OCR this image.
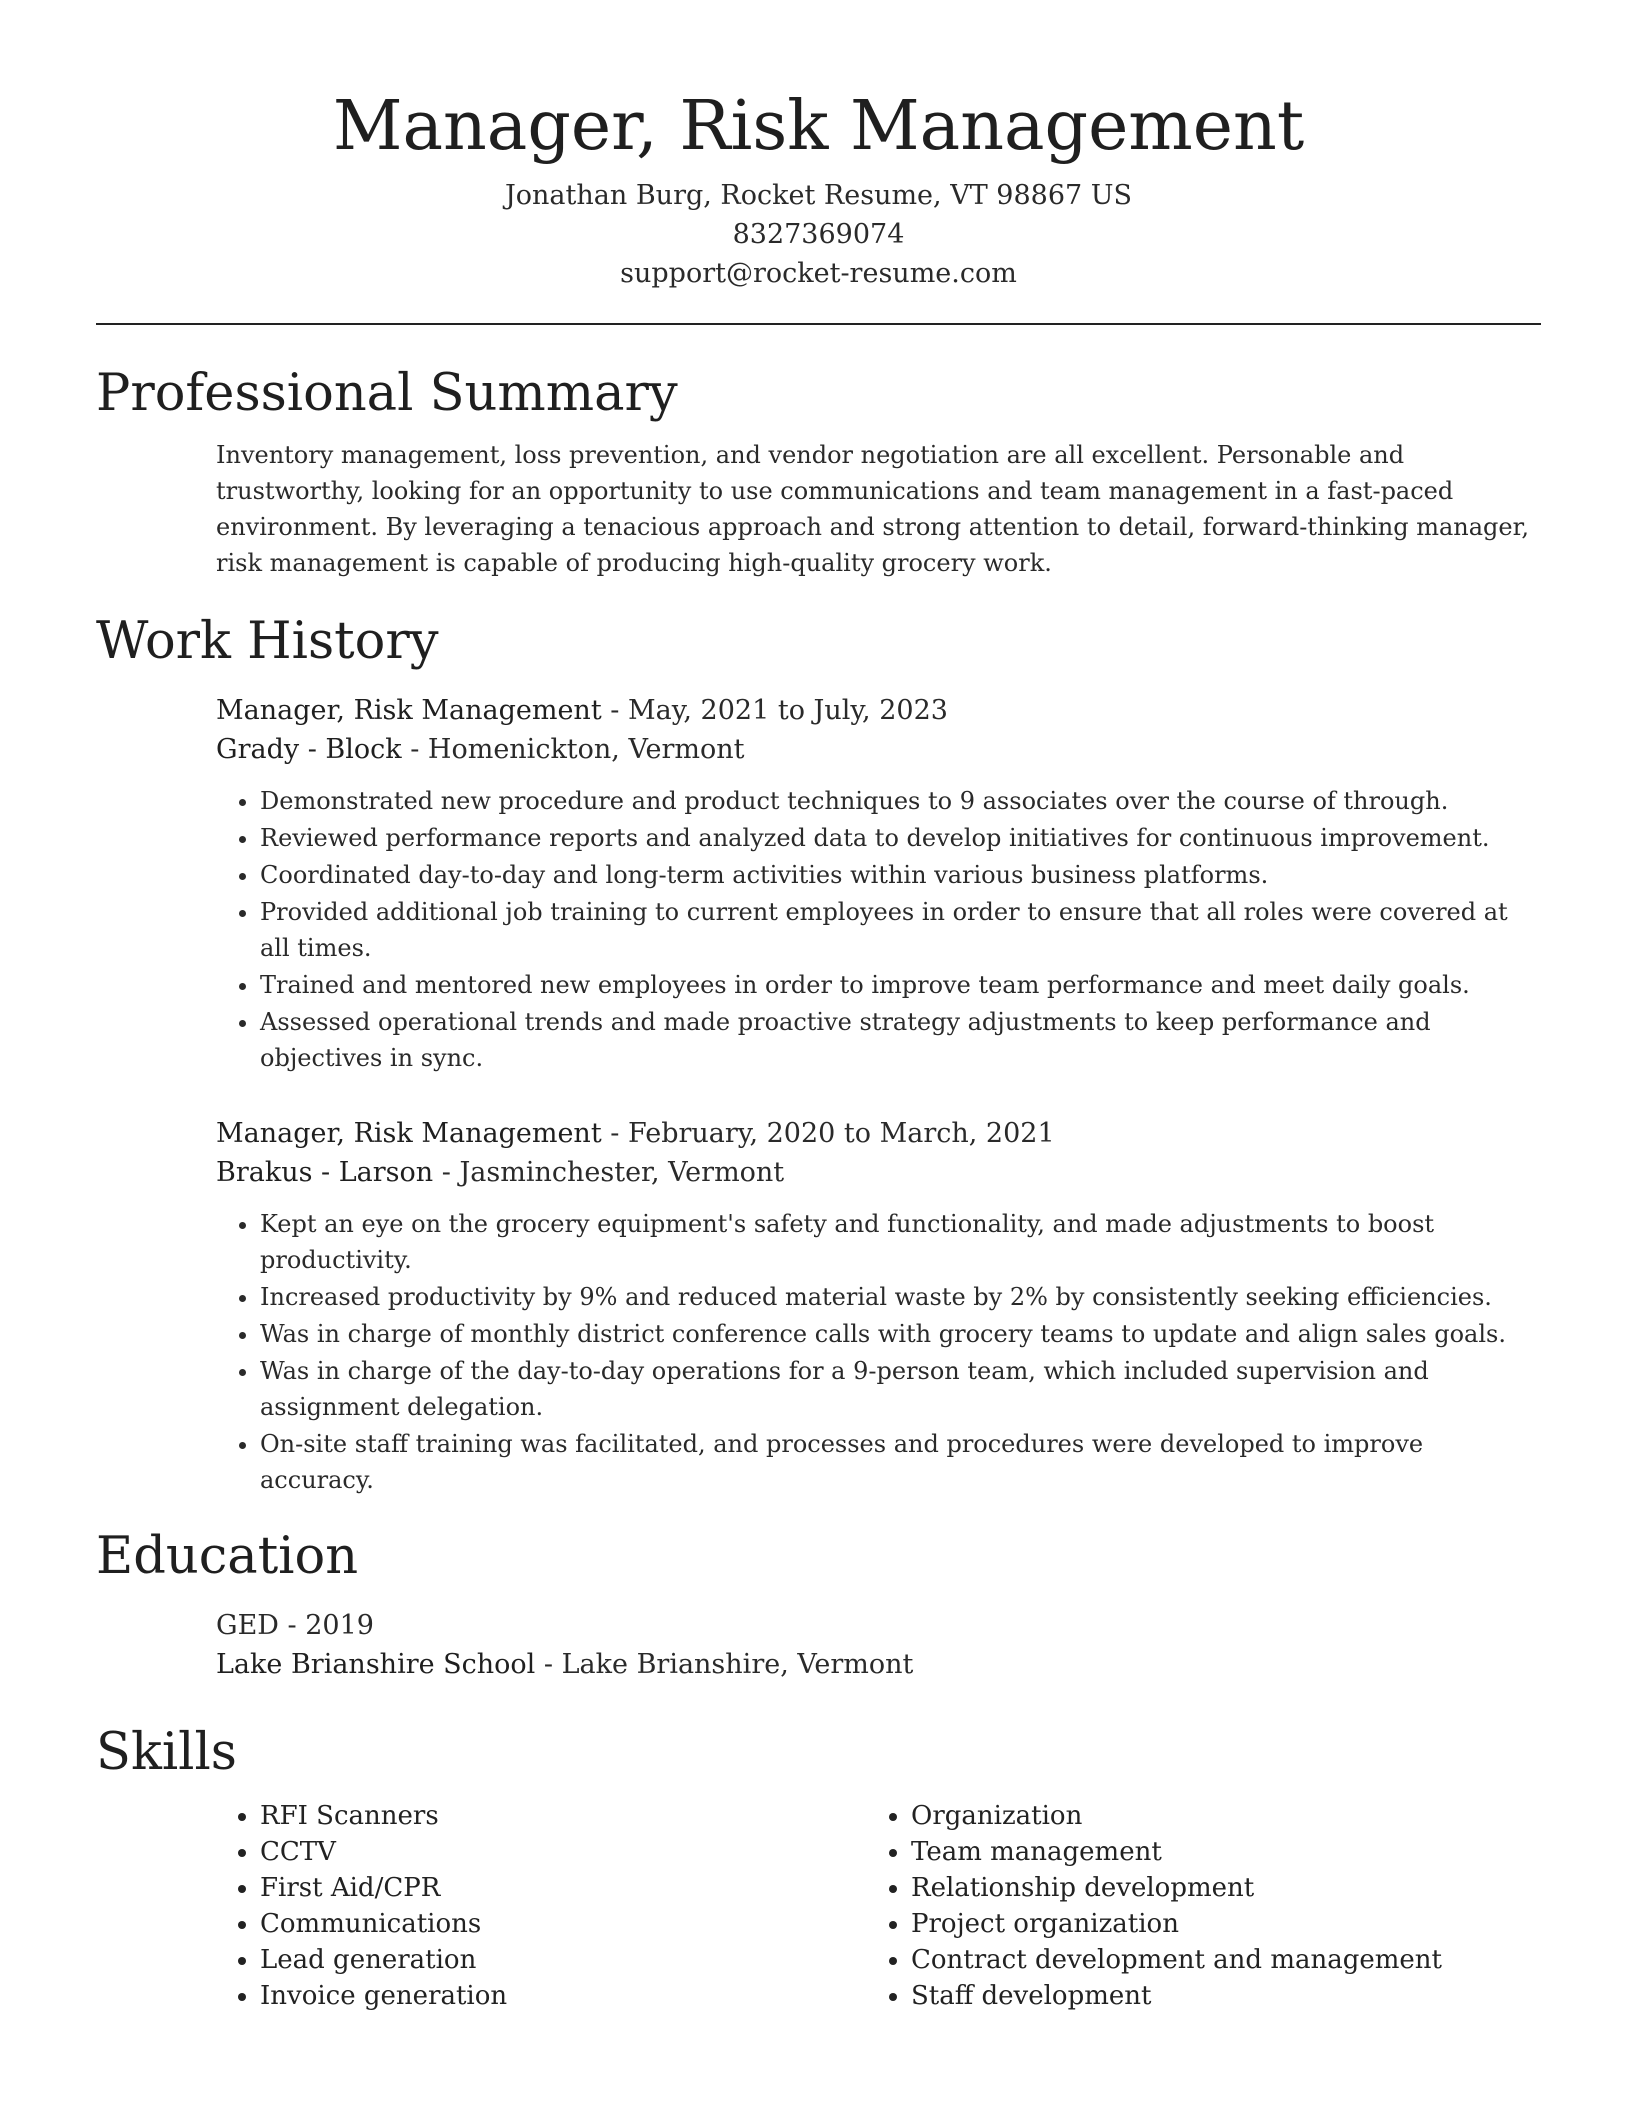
Manager, Risk Management
Jonathan Burg, Rocket Resume, VT 98867 US
8327369074
support@rocket-resume.com
Professional Summary

Inventory management, loss prevention, and vendor negotiation are all excellent. Personable and trustworthy, looking for an opportunity to use communications and team management in a fast-paced environment. By leveraging a tenacious approach and strong attention to detail, forward-thinking manager, risk management is capable of producing high-quality grocery work.

Work History
Manager, Risk Management - May, 2021 to July, 2023
Grady - Block - Homenickton, Vermont
• Demonstrated new procedure and product techniques to 9 associates over the course of through.
• Reviewed performance reports and analyzed data to develop initiatives for continuous improvement.
• Coordinated day-to-day and long-term activities within various business platforms.
• Provided additional job training to current employees in order to ensure that all roles were covered at all times.
• Trained and mentored new employees in order to improve team performance and meet daily goals.
• Assessed operational trends and made proactive strategy adjustments to keep performance and objectives in sync.
Manager, Risk Management - February, 2020 to March, 2021
Brakus - Larson - Jasminchester, Vermont
• Kept an eye on the grocery equipment's safety and functionality, and made adjustments to boost productivity.
• Increased productivity by 9% and reduced material waste by 2% by consistently seeking efficiencies.
• Was in charge of monthly district conference calls with grocery teams to update and align sales goals.
• Was in charge of the day-to-day operations for a 9-person team, which included supervision and assignment delegation.
• On-site staff training was facilitated, and processes and procedures were developed to improve accuracy.
Education
GED - 2019
Lake Brianshire School - Lake Brianshire, Vermont
Skills
• RFI Scanners
• CCTV
• First Aid/CPR
• Communications
• Lead generation
• Invoice generation
• Organization
• Team management
• Relationship development
• Project organization
• Contract development and management
• Staff development
